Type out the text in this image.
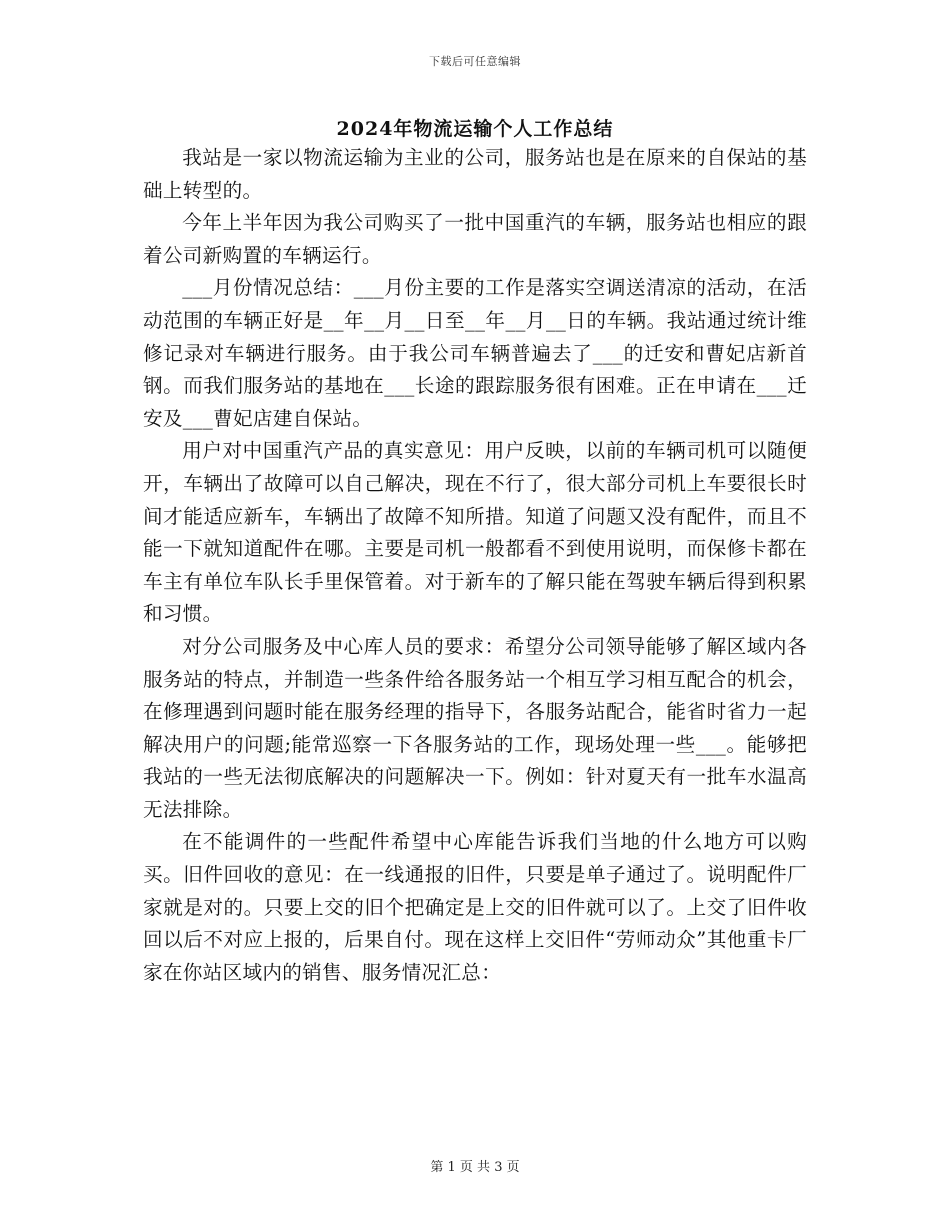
下载后可任意编辑
2024年物流运输个人工作总结

我站是一家以物流运输为主业的公司，服务站也是在原来的自保站的基础上转型的。

今年上半年因为我公司购买了一批中国重汽的车辆，服务站也相应的跟着公司新购置的车辆运行。

___月份情况总结：___月份主要的工作是落实空调送清凉的活动，在活动范围的车辆正好是__年__月__日至__年__月__日的车辆。我站通过统计维修记录对车辆进行服务。由于我公司车辆普遍去了___的迁安和曹妃店新首钢。而我们服务站的基地在___长途的跟踪服务很有困难。正在申请在___迁安及___曹妃店建自保站。

用户对中国重汽产品的真实意见：用户反映，以前的车辆司机可以随便开，车辆出了故障可以自己解决，现在不行了，很大部分司机上车要很长时间才能适应新车，车辆出了故障不知所措。知道了问题又没有配件，而且不能一下就知道配件在哪。主要是司机一般都看不到使用说明，而保修卡都在车主有单位车队长手里保管着。对于新车的了解只能在驾驶车辆后得到积累和习惯。

对分公司服务及中心库人员的要求：希望分公司领导能够了解区域内各服务站的特点，并制造一些条件给各服务站一个相互学习相互配合的机会，在修理遇到问题时能在服务经理的指导下，各服务站配合，能省时省力一起解决用户的问题;能常巡察一下各服务站的工作，现场处理一些___。能够把我站的一些无法彻底解决的问题解决一下。例如：针对夏天有一批车水温高无法排除。

在不能调件的一些配件希望中心库能告诉我们当地的什么地方可以购买。旧件回收的意见：在一线通报的旧件，只要是单子通过了。说明配件厂家就是对的。只要上交的旧个把确定是上交的旧件就可以了。上交了旧件收回以后不对应上报的，后果自付。现在这样上交旧件“劳师动众”其他重卡厂家在你站区域内的销售、服务情况汇总：

第 1 页 共 3 页
